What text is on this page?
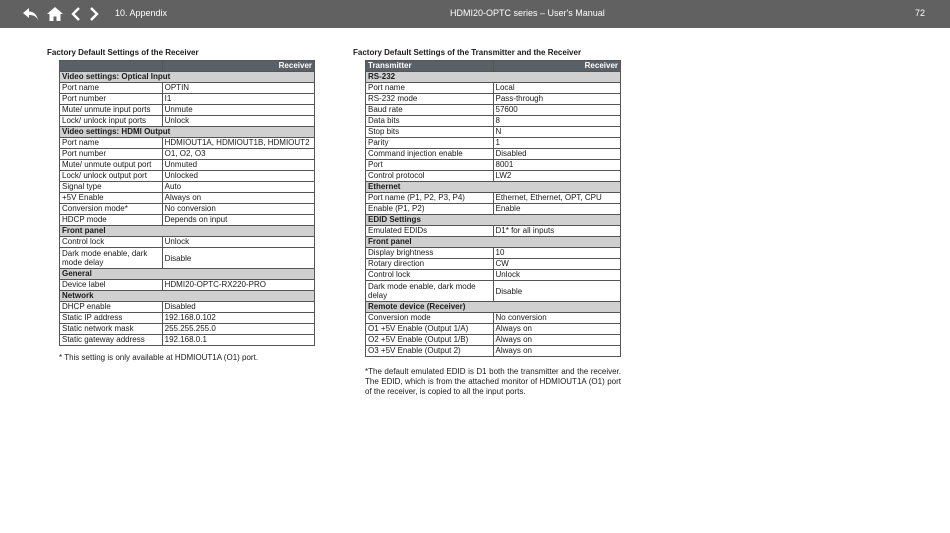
10. Appendix	HDMI20-OPTC series – User's Manual	72
Factory Default Settings of the Receiver
	Receiver
Video settings: Optical Input	
Port name	OPTIN
Port number	I1
Mute/ unmute input ports	Unmute
Lock/ unlock input ports	Unlock
Video settings: HDMI Output	
Port name	HDMIOUT1A, HDMIOUT1B, HDMIOUT2
Port number	O1, O2, O3
Mute/ unmute output port	Unmuted
Lock/ unlock output port	Unlocked
Signal type	Auto
+5V Enable	Always on
Conversion mode*	No conversion
HDCP mode	Depends on input
Front panel	
Control lock	Unlock
Dark mode enable, dark mode delay	Disable
General	
Device label	HDMI20-OPTC-RX220-PRO
Network	
DHCP enable	Disabled
Static IP address	192.168.0.102
Static network mask	255.255.255.0
Static gateway address	192.168.0.1
* This setting is only available at HDMIOUT1A (O1) port.
Factory Default Settings of the Transmitter and the Receiver
Transmitter	Receiver
RS-232	
Port name	Local
RS-232 mode	Pass-through
Baud rate	57600
Data bits	8
Stop bits	N
Parity	1
Command injection enable	Disabled
Port	8001
Control protocol	LW2
Ethernet	
Port name (P1, P2, P3, P4)	Ethernet, Ethernet, OPT, CPU
Enable (P1, P2)	Enable
EDID Settings	
Emulated EDIDs	D1* for all inputs
Front panel	
Display brightness	10
Rotary direction	CW
Control lock	Unlock
Dark mode enable, dark mode delay	Disable
Remote device (Receiver)	
Conversion mode	No conversion
O1 +5V Enable (Output 1/A)	Always on
O2 +5V Enable (Output 1/B)	Always on
O3 +5V Enable (Output 2)	Always on
*The default emulated EDID is D1 both the transmitter and the receiver. The EDID, which is from the attached monitor of HDMIOUT1A (O1) port of the receiver, is copied to all the input ports.
